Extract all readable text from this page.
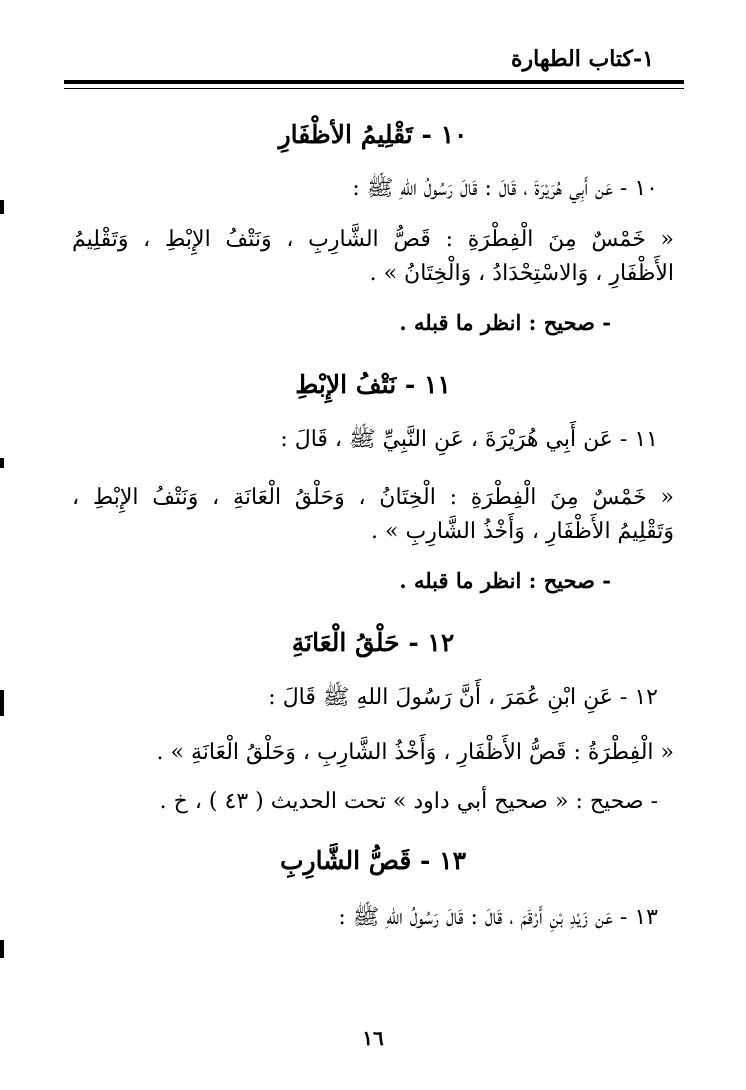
١-كتاب الطهارة
١٠ - تَقْلِيمُ الأظْفَارِ
١٠ - عَن أَبِي هُرَيْرَةَ ، قَالَ : قَالَ رَسُولُ اللهِ ﷺ :
« خَمْسٌ مِنَ الْفِطْرَةِ : قَصُّ الشَّارِبِ ، وَنَتْفُ الإِبْطِ ، وَتَقْلِيمُ
الأَظْفَارِ ، وَالاسْتِحْدَادُ ، وَالْخِتَانُ » .
- صحيح : انظر ما قبله .
١١ - نَتْفُ الإِبْطِ
١١ - عَن أَبِي هُرَيْرَةَ ، عَنِ النَّبِيِّ ﷺ ، قَالَ :
« خَمْسٌ مِنَ الْفِطْرَةِ : الْخِتَانُ ، وَحَلْقُ الْعَانَةِ ، وَنَتْفُ الإِبْطِ ،
وَتَقْلِيمُ الأَظْفَارِ ، وَأَخْذُ الشَّارِبِ » .
- صحيح : انظر ما قبله .
١٢ - حَلْقُ الْعَانَةِ
١٢ - عَنِ ابْنِ عُمَرَ ، أَنَّ رَسُولَ اللهِ ﷺ قَالَ :
« الْفِطْرَةُ : قَصُّ الأَظْفَارِ ، وَأَخْذُ الشَّارِبِ ، وَحَلْقُ الْعَانَةِ » .
- صحيح : « صحيح أبي داود » تحت الحديث ( ٤٣ ) ، خ .
١٣ - قَصُّ الشَّارِبِ
١٣ - عَن زَيْدِ بْنِ أَرْقَمَ ، قَالَ : قَالَ رَسُولُ اللهِ ﷺ :
١٦
